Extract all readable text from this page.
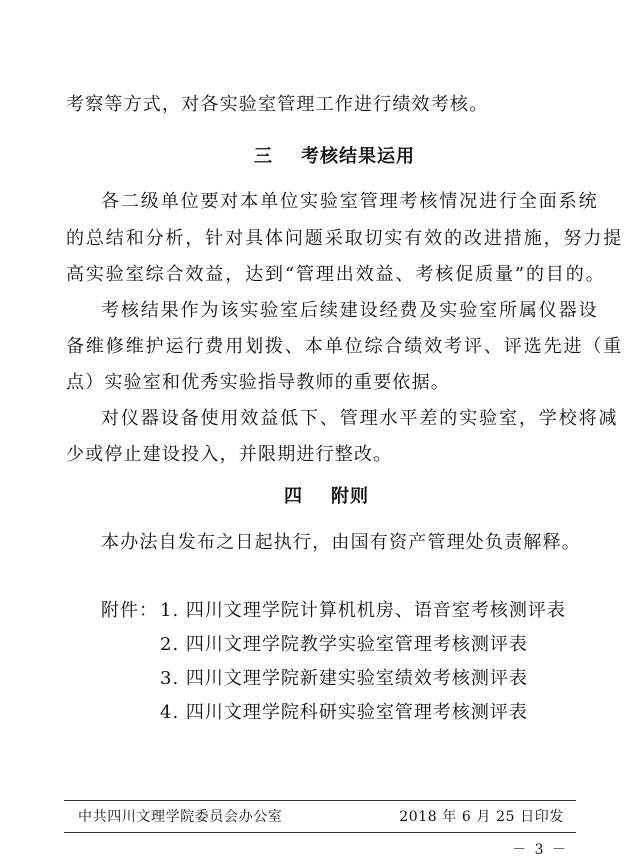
考察等方式，对各实验室管理工作进行绩效考核。
三 考核结果运用
各二级单位要对本单位实验室管理考核情况进行全面系统
的总结和分析，针对具体问题采取切实有效的改进措施，努力提
高实验室综合效益，达到“管理出效益、考核促质量”的目的。
考核结果作为该实验室后续建设经费及实验室所属仪器设
备维修维护运行费用划拨、本单位综合绩效考评、评选先进（重
点）实验室和优秀实验指导教师的重要依据。
对仪器设备使用效益低下、管理水平差的实验室，学校将减
少或停止建设投入，并限期进行整改。
四 附则
本办法自发布之日起执行，由国有资产管理处负责解释。
附件： 1. 四川文理学院计算机机房、语音室考核测评表
2. 四川文理学院教学实验室管理考核测评表
3. 四川文理学院新建实验室绩效考核测评表
4. 四川文理学院科研实验室管理考核测评表
中共四川文理学院委员会办公室	2018 年 6 月 25 日印发
－ 3 －
